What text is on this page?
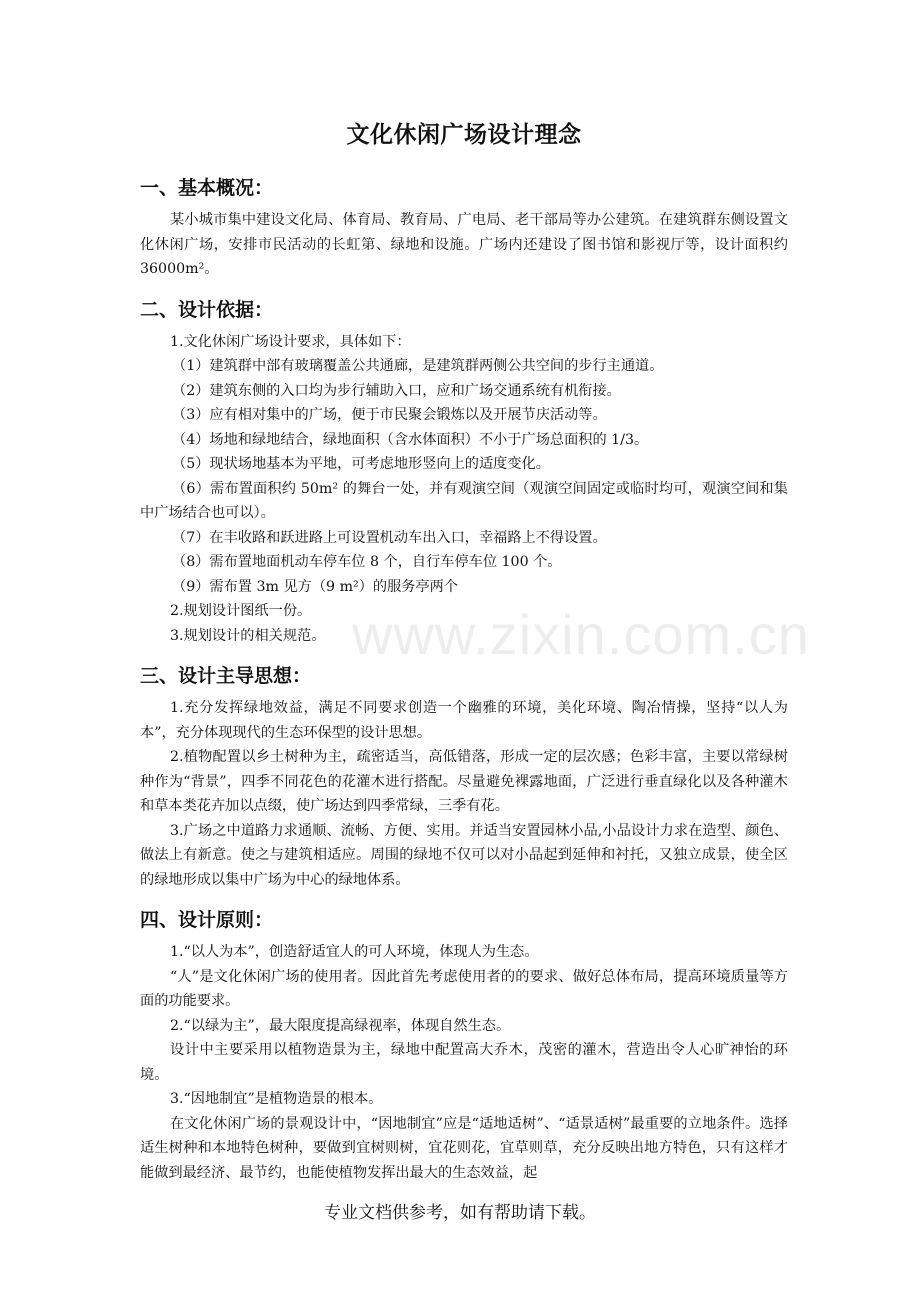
文化休闲广场设计理念
一、基本概况：

某小城市集中建设文化局、体育局、教育局、广电局、老干部局等办公建筑。在建筑群东侧设置文化休闲广场，安排市民活动的长虹第、绿地和设施。广场内还建设了图书馆和影视厅等，设计面积约 36000m²。

二、设计依据：

1.文化休闲广场设计要求，具体如下：

（1）建筑群中部有玻璃覆盖公共通廊，是建筑群两侧公共空间的步行主通道。

（2）建筑东侧的入口均为步行辅助入口，应和广场交通系统有机衔接。

（3）应有相对集中的广场，便于市民聚会锻炼以及开展节庆活动等。

（4）场地和绿地结合，绿地面积（含水体面积）不小于广场总面积的 1/3。

（5）现状场地基本为平地，可考虑地形竖向上的适度变化。

（6）需布置面积约 50m² 的舞台一处，并有观演空间（观演空间固定或临时均可，观演空间和集中广场结合也可以）。

（7）在丰收路和跃进路上可设置机动车出入口，幸福路上不得设置。

（8）需布置地面机动车停车位 8 个，自行车停车位 100 个。

（9）需布置 3m 见方（9 m²）的服务亭两个

2.规划设计图纸一份。

3.规划设计的相关规范。

三、设计主导思想：

1.充分发挥绿地效益，满足不同要求创造一个幽雅的环境，美化环境、陶冶情操，坚持“以人为本”，充分体现现代的生态环保型的设计思想。

2.植物配置以乡土树种为主，疏密适当，高低错落，形成一定的层次感；色彩丰富，主要以常绿树种作为“背景”，四季不同花色的花灌木进行搭配。尽量避免裸露地面，广泛进行垂直绿化以及各种灌木和草本类花卉加以点缀，使广场达到四季常绿，三季有花。

3.广场之中道路力求通顺、流畅、方便、实用。并适当安置园林小品,小品设计力求在造型、颜色、做法上有新意。使之与建筑相适应。周围的绿地不仅可以对小品起到延伸和衬托，又独立成景，使全区的绿地形成以集中广场为中心的绿地体系。

四、设计原则：

1.“以人为本”，创造舒适宜人的可人环境，体现人为生态。

“人”是文化休闲广场的使用者。因此首先考虑使用者的的要求、做好总体布局，提高环境质量等方面的功能要求。

2.“以绿为主”，最大限度提高绿视率，体现自然生态。

设计中主要采用以植物造景为主，绿地中配置高大乔木，茂密的灌木，营造出令人心旷神怡的环境。

3.“因地制宜”是植物造景的根本。

在文化休闲广场的景观设计中，“因地制宜”应是“适地适树”、“适景适树”最重要的立地条件。选择适生树种和本地特色树种，要做到宜树则树，宜花则花，宜草则草，充分反映出地方特色，只有这样才能做到最经济、最节约，也能使植物发挥出最大的生态效益，起

www.zixin.com.cn
专业文档供参考，如有帮助请下载。
